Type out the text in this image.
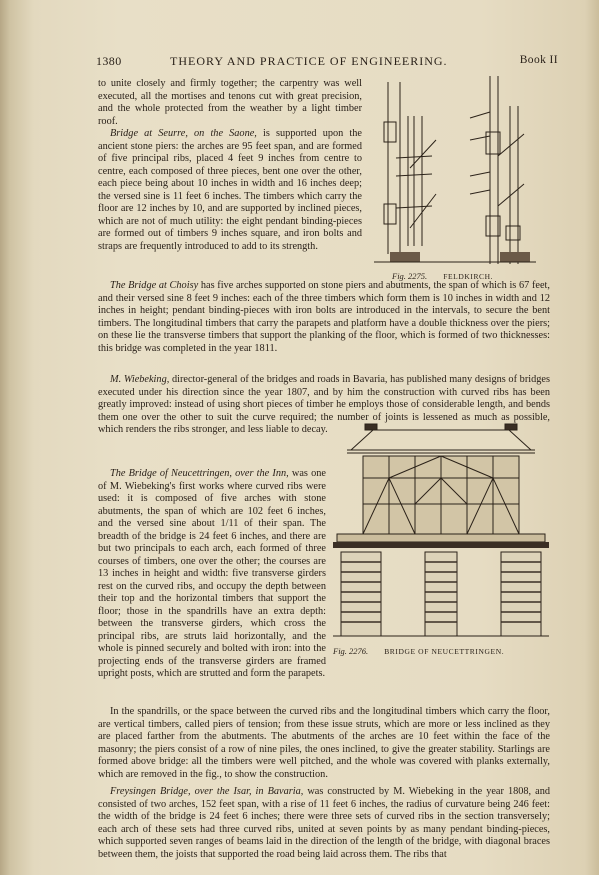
1380	THEORY AND PRACTICE OF ENGINEERING.	Book II
to unite closely and firmly together; the carpentry was well executed, all the mortises and tenons cut with great precision, and the whole protected from the weather by a light timber roof.
Bridge at Seurre, on the Saone, is supported upon the ancient stone piers: the arches are 95 feet span, and are formed of five principal ribs, placed 4 feet 9 inches from centre to centre, each composed of three pieces, bent one over the other, each piece being about 10 inches in width and 16 inches deep; the versed sine is 11 feet 6 inches. The timbers which carry the floor are 12 inches by 10, and are supported by inclined pieces, which are not of much utility: the eight pendant binding-pieces are formed out of timbers 9 inches square, and iron bolts and straps are frequently introduced to add to its strength.
The Bridge at Choisy has five arches supported on stone piers and abutments, the span of which is 67 feet, and their versed sine 8 feet 9 inches: each of the three timbers which form them is 10 inches in width and 12 inches in height; pendant binding-pieces with iron bolts are introduced in the intervals, to secure the bent timbers. The longitudinal timbers that carry the parapets and platform have a double thickness over the piers; on these lie the transverse timbers that support the planking of the floor, which is formed of two thicknesses: this bridge was completed in the year 1811.
M. Wiebeking, director-general of the bridges and roads in Bavaria, has published many designs of bridges executed under his direction since the year 1807, and by him the construction with curved ribs has been greatly improved: instead of using short pieces of timber he employs those of considerable length, and bends them one over the other to suit the curve required; the number of joints is lessened as much as possible, which renders the ribs stronger, and less liable to decay.
The Bridge of Neucettringen, over the Inn, was one of M. Wiebeking's first works where curved ribs were used: it is composed of five arches with stone abutments, the span of which are 102 feet 6 inches, and the versed sine about 1/11 of their span. The breadth of the bridge is 24 feet 6 inches, and there are but two principals to each arch, each formed of three courses of timbers, one over the other; the courses are 13 inches in height and width: five transverse girders rest on the curved ribs, and occupy the depth between their top and the horizontal timbers that support the floor; those in the spandrills have an extra depth: between the transverse girders, which cross the principal ribs, are struts laid horizontally, and the whole is pinned securely and bolted with iron: into the projecting ends of the transverse girders are framed upright posts, which are strutted and form the parapets.
In the spandrills, or the space between the curved ribs and the longitudinal timbers which carry the floor, are vertical timbers, called piers of tension; from these issue struts, which are more or less inclined as they are placed farther from the abutments. The abutments of the arches are 10 feet within the face of the masonry; the piers consist of a row of nine piles, the ones inclined, to give the greater stability. Starlings are formed above bridge: all the timbers were well pitched, and the whole was covered with planks externally, which are removed in the fig., to show the construction.
Freysingen Bridge, over the Isar, in Bavaria, was constructed by M. Wiebeking in the year 1808, and consisted of two arches, 152 feet span, with a rise of 11 feet 6 inches, the radius of curvature being 246 feet: the width of the bridge is 24 feet 6 inches; there were three sets of curved ribs in the section transversely; each arch of these sets had three curved ribs, united at seven points by as many pendant binding-pieces, which supported seven ranges of beams laid in the direction of the length of the bridge, with diagonal braces between them, the joists that supported the road being laid across them. The ribs that
Fig. 2275. FELDKIRCH.
Fig. 2276. BRIDGE OF NEUCETTRINGEN.
